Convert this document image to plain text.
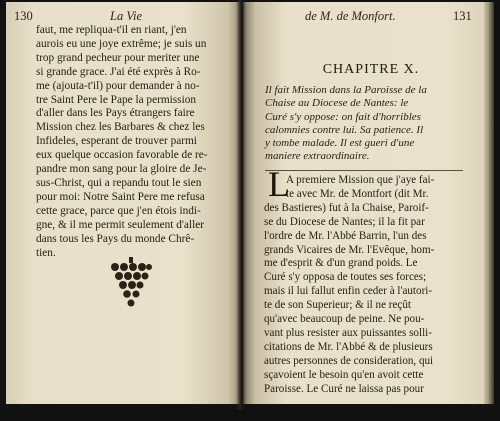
130	La Vie	de M. de Monfort.	131
faut, me repliqua-t'il en riant, j'en
aurois eu une joye extrême; je suis un
trop grand pecheur pour meriter une
si grande grace. J'ai été exprès à Ro-
me (ajouta-t'il) pour demander à no-
tre Saint Pere le Pape la permission
d'aller dans les Pays étrangers faire
Mission chez les Barbares & chez les
Infideles, esperant de trouver parmi
eux quelque occasion favorable de re-
pandre mon sang pour la gloire de Je-
sus-Christ, qui a repandu tout le sien
pour moi: Notre Saint Pere me refusa
cette grace, parce que j'en étois indi-
gne, & il me permit seulement d'aller
dans tous les Pays du monde Chrê-
tien.
CHAPITRE X.
Il fait Mission dans la Paroisse de la
Chaise au Diocese de Nantes: le
Curé s'y oppose: on fait d'horribles
calomnies contre lui. Sa patience. Il
y tombe malade. Il est gueri d'une
maniere extraordinaire.
L
A premiere Mission que j'aye fai-
te avec Mr. de Montfort (dit Mr.
des Bastieres) fut à la Chaise, Paroif-
se du Diocese de Nantes; il la fit par
l'ordre de Mr. l'Abbé Barrin, l'un des
grands Vicaires de Mr. l'Evêque, hom-
me d'esprit & d'un grand poids. Le
Curé s'y opposa de toutes ses forces;
mais il lui fallut enfin ceder à l'autori-
te de son Superieur; & il ne reçût
qu'avec beaucoup de peine. Ne pou-
vant plus resister aux puissantes solli-
citations de Mr. l'Abbé & de plusieurs
autres personnes de consideration, qui
sçavoient le besoin qu'en avoit cette
Paroisse. Le Curé ne laissa pas pour
